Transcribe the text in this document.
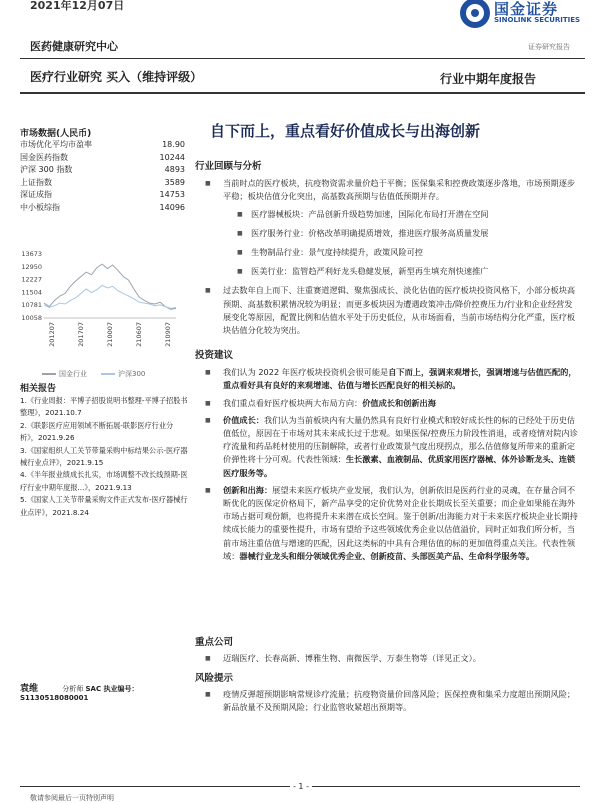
2021年12月07日	国金证券
SINOLINK SECURITIES
证券研究报告
医药健康研究中心
医疗行业研究 买入（维持评级）	行业中期年度报告
市场数据(人民币)
市场优化平均市盈率	18.90
国金医药指数	10244
沪深 300 指数	4893
上证指数	3589
深证成指	14753
中小板综指	14096
13673
12950
12227
11504
10781
10058
201207	201707	210007	210607	210907
国金行业	沪深300
相关报告
1.《行业周报：平博子招股说明书整理-平博子招股书整理》，2021.10.7
2.《联影医疗应用领域不断拓展-联影医疗行业分析》，2021.9.26
3.《国家组织人工关节带量采购中标结果公示-医疗器械行业点评》，2021.9.15
4.《半年报业绩成长扎实，市场调整不改长线预期-医疗行业中期年度报...》，2021.9.13
5.《国家人工关节带量采购文件正式发布-医疗器械行业点评》，2021.8.24
袁维	分析师 SAC 执业编号：S1130518080001
自下而上，重点看好价值成长与出海创新
行业回顾与分析
■ 当前时点的医疗板块，抗疫物资需求量价趋于平衡；医保集采和控费政策逐步落地，市场预期逐步平稳；板块估值分化突出，高基数高预期与估值低预期并存。
■ 医疗器械板块：产品创新升级趋势加速，国际化布局打开潜在空间
■ 医疗服务行业：价格改革明确提质增效，推进医疗服务高质量发展
■ 生物制品行业：景气度持续提升，政策风险可控
■ 医美行业：监管趋严利好龙头稳健发展，新型再生填充剂快速推广
■ 过去数年自上而下、注重赛道逻辑、聚焦强成长、淡化估值的医疗板块投资风格下，小部分板块高预期、高基数积累情况较为明显；而更多板块因为遭遇政策冲击/降价控费压力/行业和企业经营发展变化等原因，配置比例和估值水平处于历史低位，从市场面看，当前市场结构分化严重，医疗板块估值分化较为突出。
投资建议
■ 我们认为 2022 年医疗板块投资机会很可能是自下而上，强调来观增长，强调增速与估值匹配的，重点看好具有良好的来观增速、估值与增长匹配良好的相关标的。
■ 我们重点看好医疗板块两大布局方向：价值成长和创新出海
■ 价值成长：我们认为当前板块内有大量仍然具有良好行业模式和较好成长性的标的已经处于历史估值低位，原因在于市场对其未来成长过于悲观。如果医保/控费压力阶段性消退，或者疫情对院内诊疗流量和药品耗材使用的压制解除，或者行业政策景气度出现拐点，那么估值修复所带来的重新定价弹性将十分可观。代表性领域：生长激素、血液制品、优质家用医疗器械、体外诊断龙头、连锁医疗服务等。
■ 创新和出海：展望未来医疗板块产业发展，我们认为，创新依旧是医药行业的灵魂，在存量合同不断优化的医保定价格局下，新产品享受的定价优势对企业长期成长至关重要；而企业如果能在海外市场占据可观份额，也将提升未来潜在成长空间。鉴于创新/出海能力对于未来医疗板块企业长期持续成长能力的重要性提升，市场有望给予这些领域优秀企业以估值溢价，同时正如我们所分析，当前市场注重估值与增速的匹配，因此这类标的中具有合理估值的标的更加值得重点关注。代表性领域：器械行业龙头和细分领域优秀企业、创新疫苗、头部医美产品、生命科学服务等。
重点公司
■ 迈瑞医疗、长春高新、博雅生物、南微医学、万泰生物等（详见正文）。
风险提示
■ 疫情反弹超预期影响常规诊疗流量；抗疫物资量价回落风险；医保控费和集采力度超出预期风险；新品放量不及预期风险；行业监管收紧超出预期等。
- 1 -
敬请参阅最后一页特别声明
